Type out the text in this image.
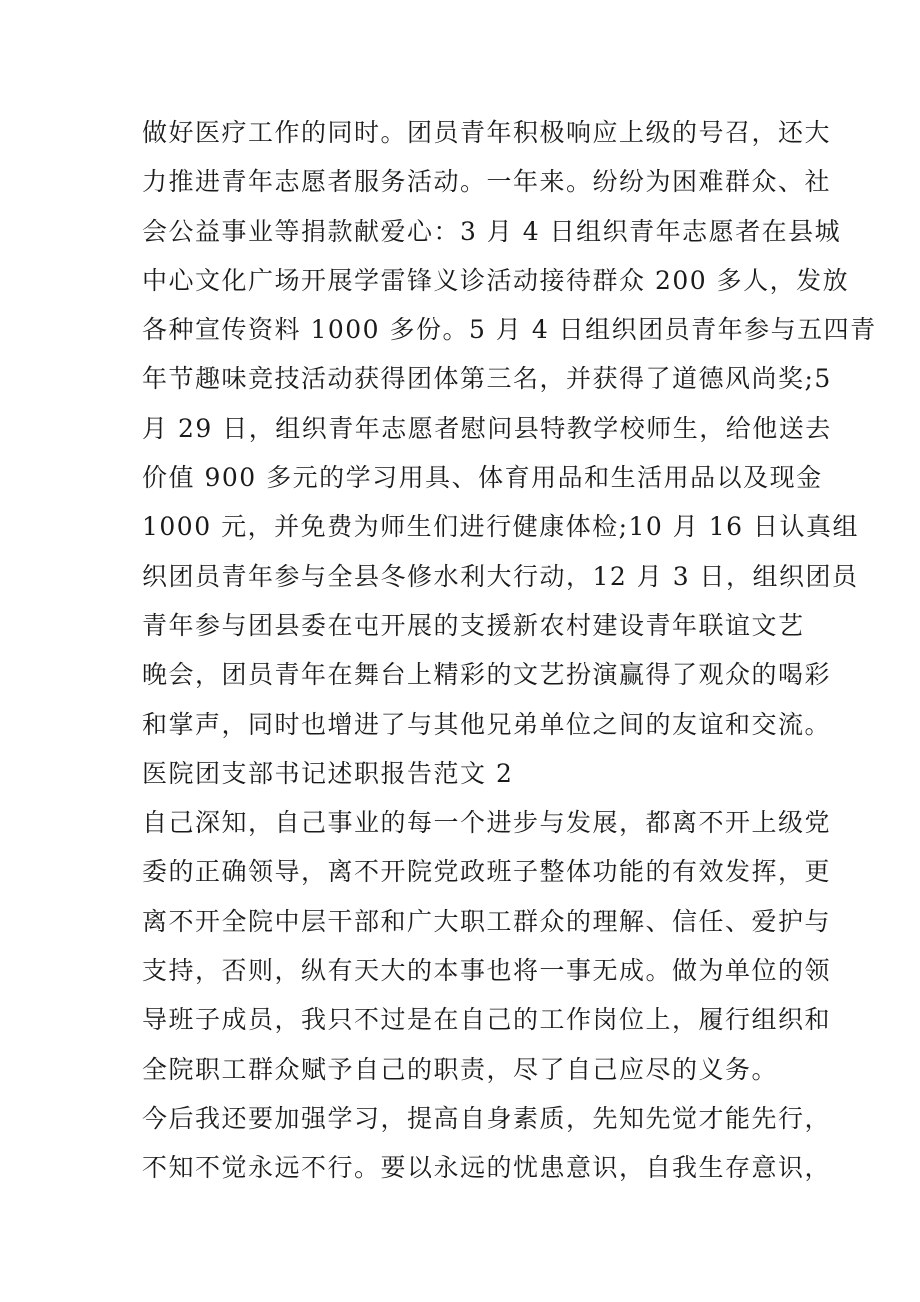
做好医疗工作的同时。团员青年积极响应上级的号召，还大
力推进青年志愿者服务活动。一年来。纷纷为困难群众、社
会公益事业等捐款献爱心：3 月 4 日组织青年志愿者在县城
中心文化广场开展学雷锋义诊活动接待群众 200 多人，发放
各种宣传资料 1000 多份。5 月 4 日组织团员青年参与五四青
年节趣味竞技活动获得团体第三名，并获得了道德风尚奖;5
月 29 日，组织青年志愿者慰问县特教学校师生，给他送去
价值 900 多元的学习用具、体育用品和生活用品以及现金
1000 元，并免费为师生们进行健康体检;10 月 16 日认真组
织团员青年参与全县冬修水利大行动，12 月 3 日，组织团员
青年参与团县委在屯开展的支援新农村建设青年联谊文艺
晚会，团员青年在舞台上精彩的文艺扮演赢得了观众的喝彩
和掌声，同时也增进了与其他兄弟单位之间的友谊和交流。
医院团支部书记述职报告范文 2
自己深知，自己事业的每一个进步与发展，都离不开上级党
委的正确领导，离不开院党政班子整体功能的有效发挥，更
离不开全院中层干部和广大职工群众的理解、信任、爱护与
支持，否则，纵有天大的本事也将一事无成。做为单位的领
导班子成员，我只不过是在自己的工作岗位上，履行组织和
全院职工群众赋予自己的职责，尽了自己应尽的义务。
今后我还要加强学习，提高自身素质，先知先觉才能先行，
不知不觉永远不行。要以永远的忧患意识，自我生存意识，
